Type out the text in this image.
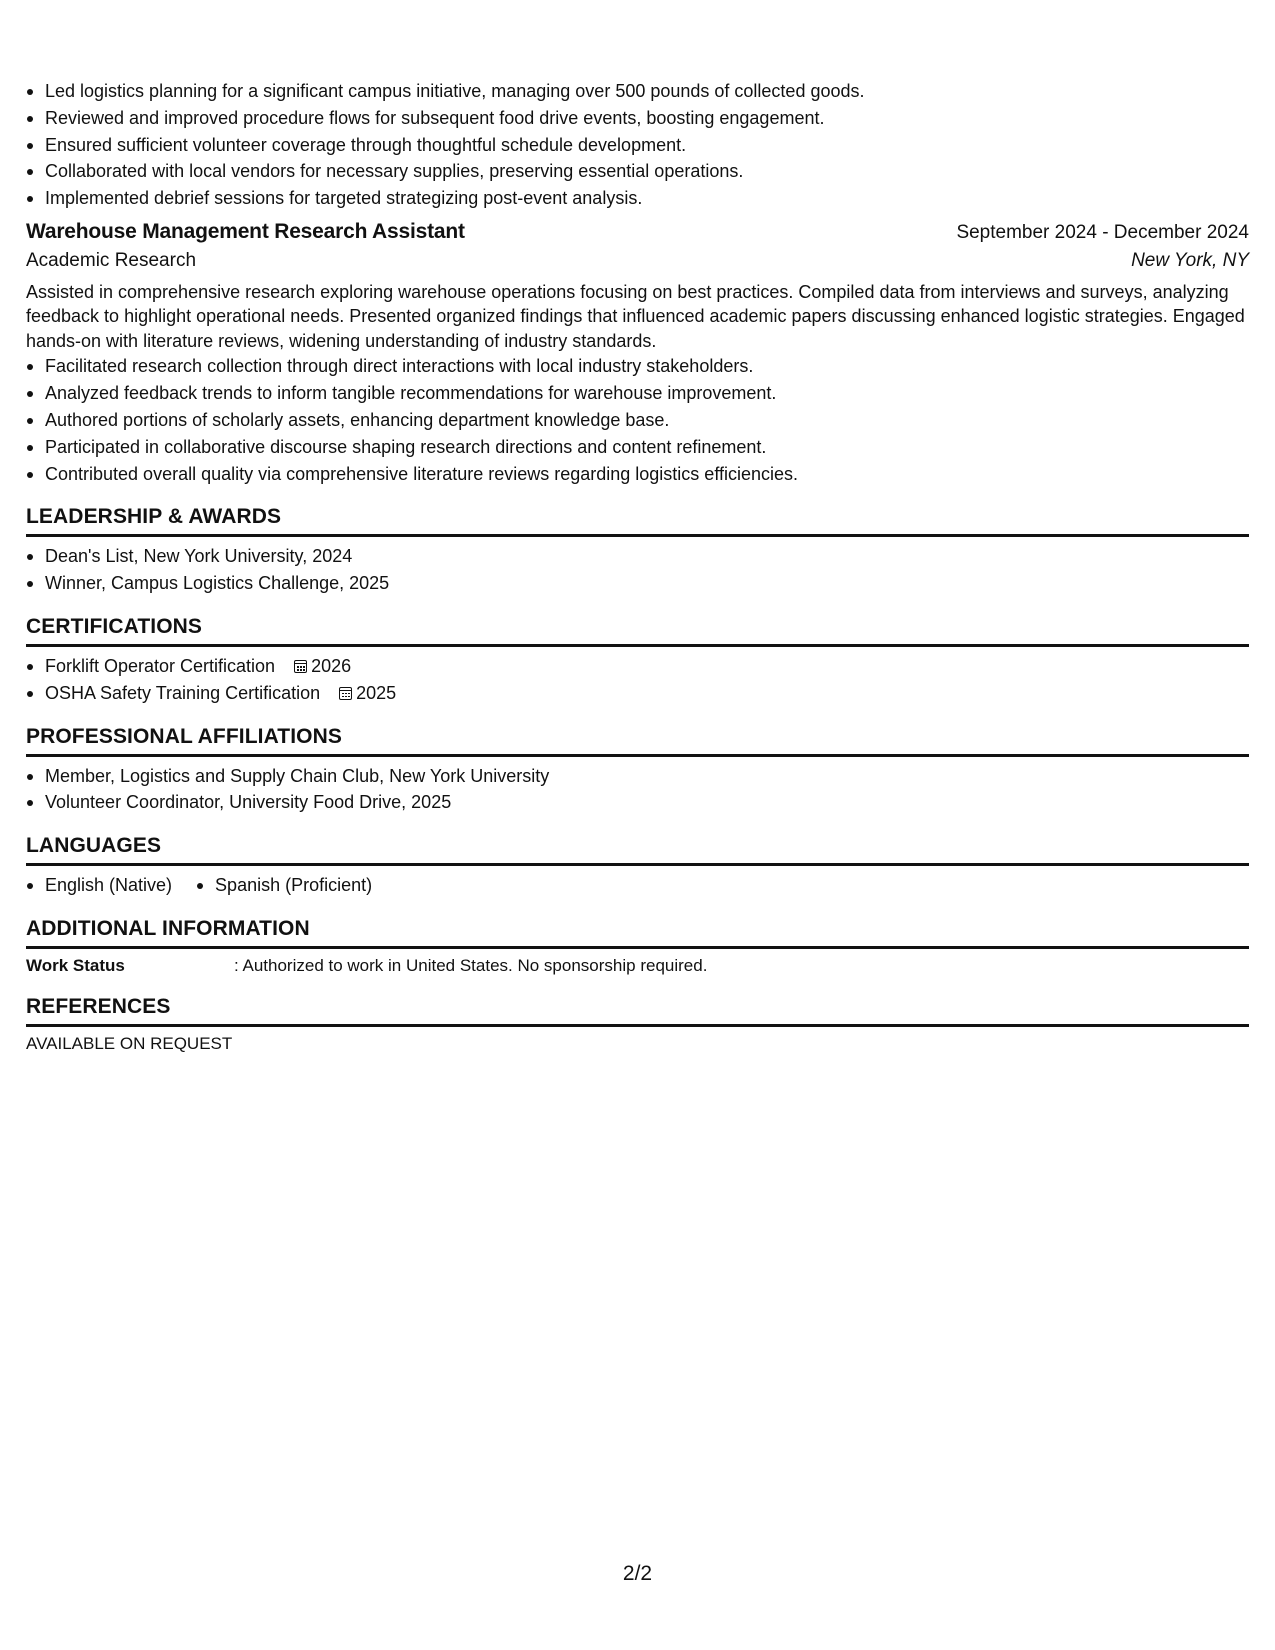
Led logistics planning for a significant campus initiative, managing over 500 pounds of collected goods.
Reviewed and improved procedure flows for subsequent food drive events, boosting engagement.
Ensured sufficient volunteer coverage through thoughtful schedule development.
Collaborated with local vendors for necessary supplies, preserving essential operations.
Implemented debrief sessions for targeted strategizing post-event analysis.
Warehouse Management Research Assistant	September 2024 - December 2024
Academic Research	New York, NY
Assisted in comprehensive research exploring warehouse operations focusing on best practices. Compiled data from interviews and surveys, analyzing feedback to highlight operational needs. Presented organized findings that influenced academic papers discussing enhanced logistic strategies. Engaged hands-on with literature reviews, widening understanding of industry standards.
Facilitated research collection through direct interactions with local industry stakeholders.
Analyzed feedback trends to inform tangible recommendations for warehouse improvement.
Authored portions of scholarly assets, enhancing department knowledge base.
Participated in collaborative discourse shaping research directions and content refinement.
Contributed overall quality via comprehensive literature reviews regarding logistics efficiencies.
LEADERSHIP & AWARDS
Dean's List, New York University, 2024
Winner, Campus Logistics Challenge, 2025
CERTIFICATIONS
Forklift Operator Certification 2026
OSHA Safety Training Certification 2025
PROFESSIONAL AFFILIATIONS
Member, Logistics and Supply Chain Club, New York University
Volunteer Coordinator, University Food Drive, 2025
LANGUAGES
English (Native)	Spanish (Proficient)
ADDITIONAL INFORMATION
Work Status	: Authorized to work in United States. No sponsorship required.
REFERENCES
AVAILABLE ON REQUEST
2/2
